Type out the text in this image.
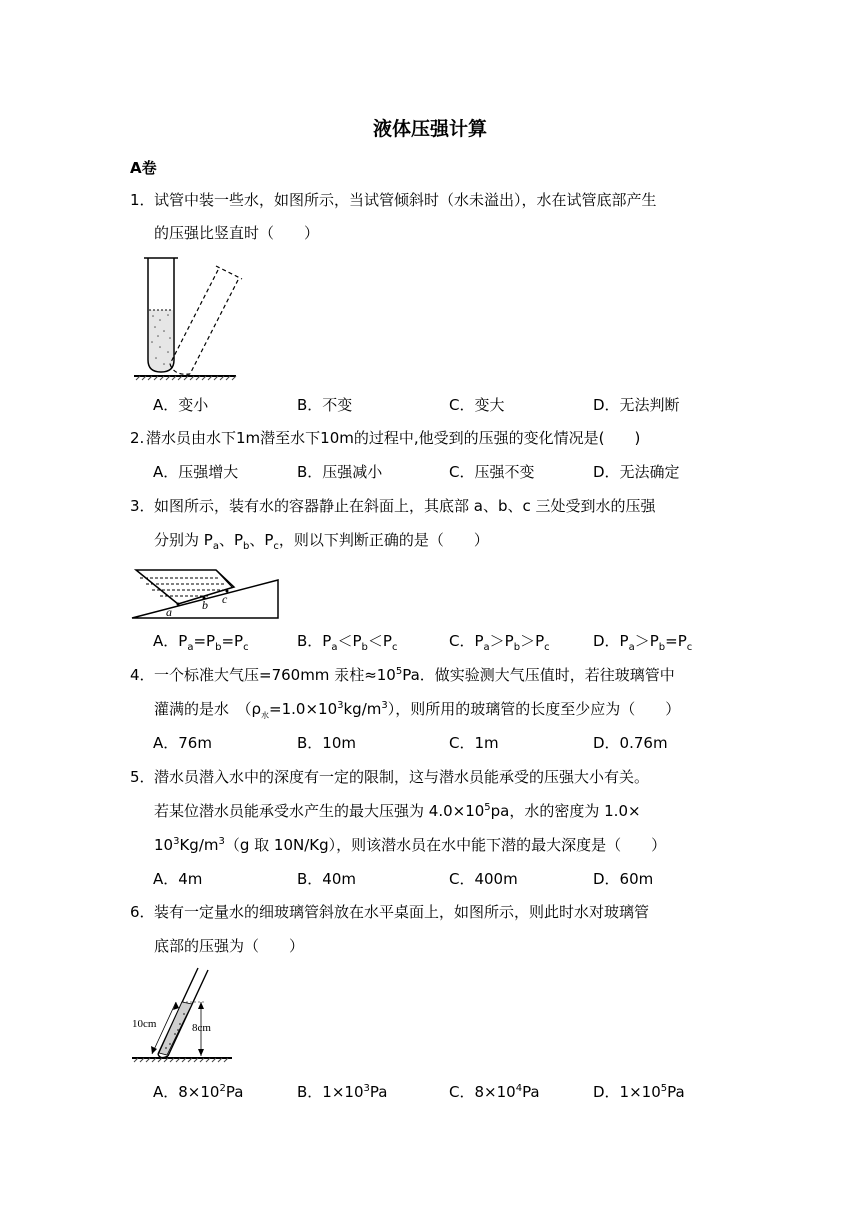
液体压强计算
A卷
1． 试管中装一些水，如图所示，当试管倾斜时（水未溢出），水在试管底部产生
的压强比竖直时（　　）
A．变小	B．不变	C．变大	D．无法判断
2. 潜水员由水下1m潜至水下10m的过程中,他受到的压强的变化情况是(　　)
A．压强增大	B．压强减小	C．压强不变	D．无法确定
3． 如图所示，装有水的容器静止在斜面上，其底部 a、b、c 三处受到水的压强
分别为 $P_a$、$P_b$、$P_c$，则以下判断正确的是（　　）
a	b c
A．$P_a=P_b=P_c$	B．$P_a<P_b<P_c$	C．$P_a>P_b>P_c$	D．$P_a>P_b=P_c$
4． 一个标准大气压=760mm 汞柱$\approx 10^5Pa$．做实验测大气压值时，若往玻璃管中
灌满的是水　$(\rho_水=1.0\times 10^3kg/m^3)$，则所用的玻璃管的长度至少应为（　　）
A．76m	B．10m	C．1m	D．0.76m
5． 潜水员潜入水中的深度有一定的限制，这与潜水员能承受的压强大小有关。
若某位潜水员能承受水产生的最大压强为 $4.0\times 10^5pa$，水的密度为 1.0×
$10^3Kg/m^3(g$ 取 10N/Kg），则该潜水员在水中能下潜的最大深度是（　　）
A．4m	B．40m	C．400m	D．60m
6． 装有一定量水的细玻璃管斜放在水平桌面上，如图所示，则此时水对玻璃管
底部的压强为（　　）
10cm	8cm
A．$8\times 10^2Pa$	B．$1\times 10^3Pa$	C．$8\times 10^4Pa$	D．$1\times 10^5Pa$
